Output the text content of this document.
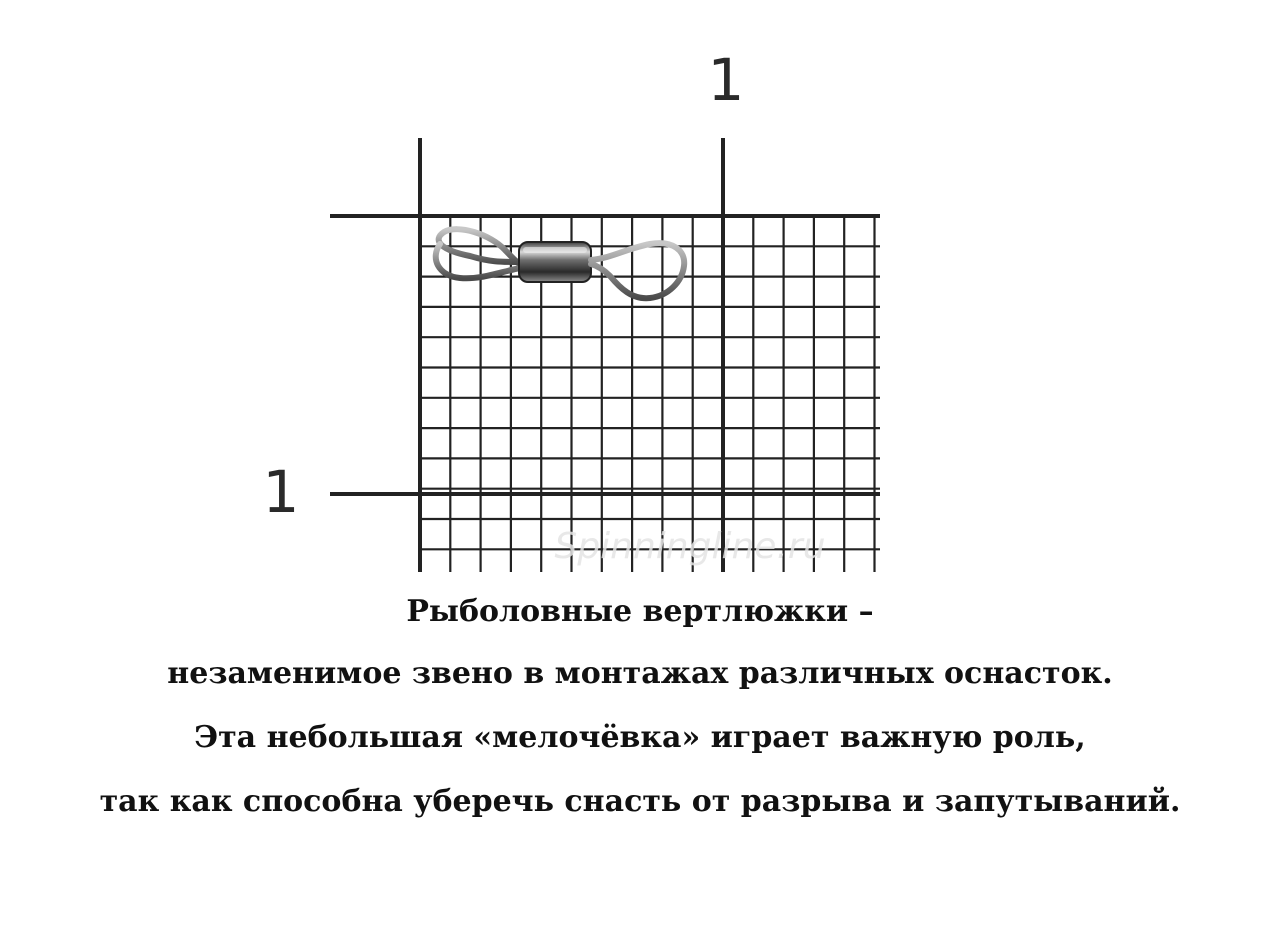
Spinningline.ru
1
1
Рыболовные вертлюжки –
незаменимое звено в монтажах различных оснасток.
Эта небольшая «мелочёвка» играет важную роль,
так как способна уберечь снасть от разрыва и запутываний.
